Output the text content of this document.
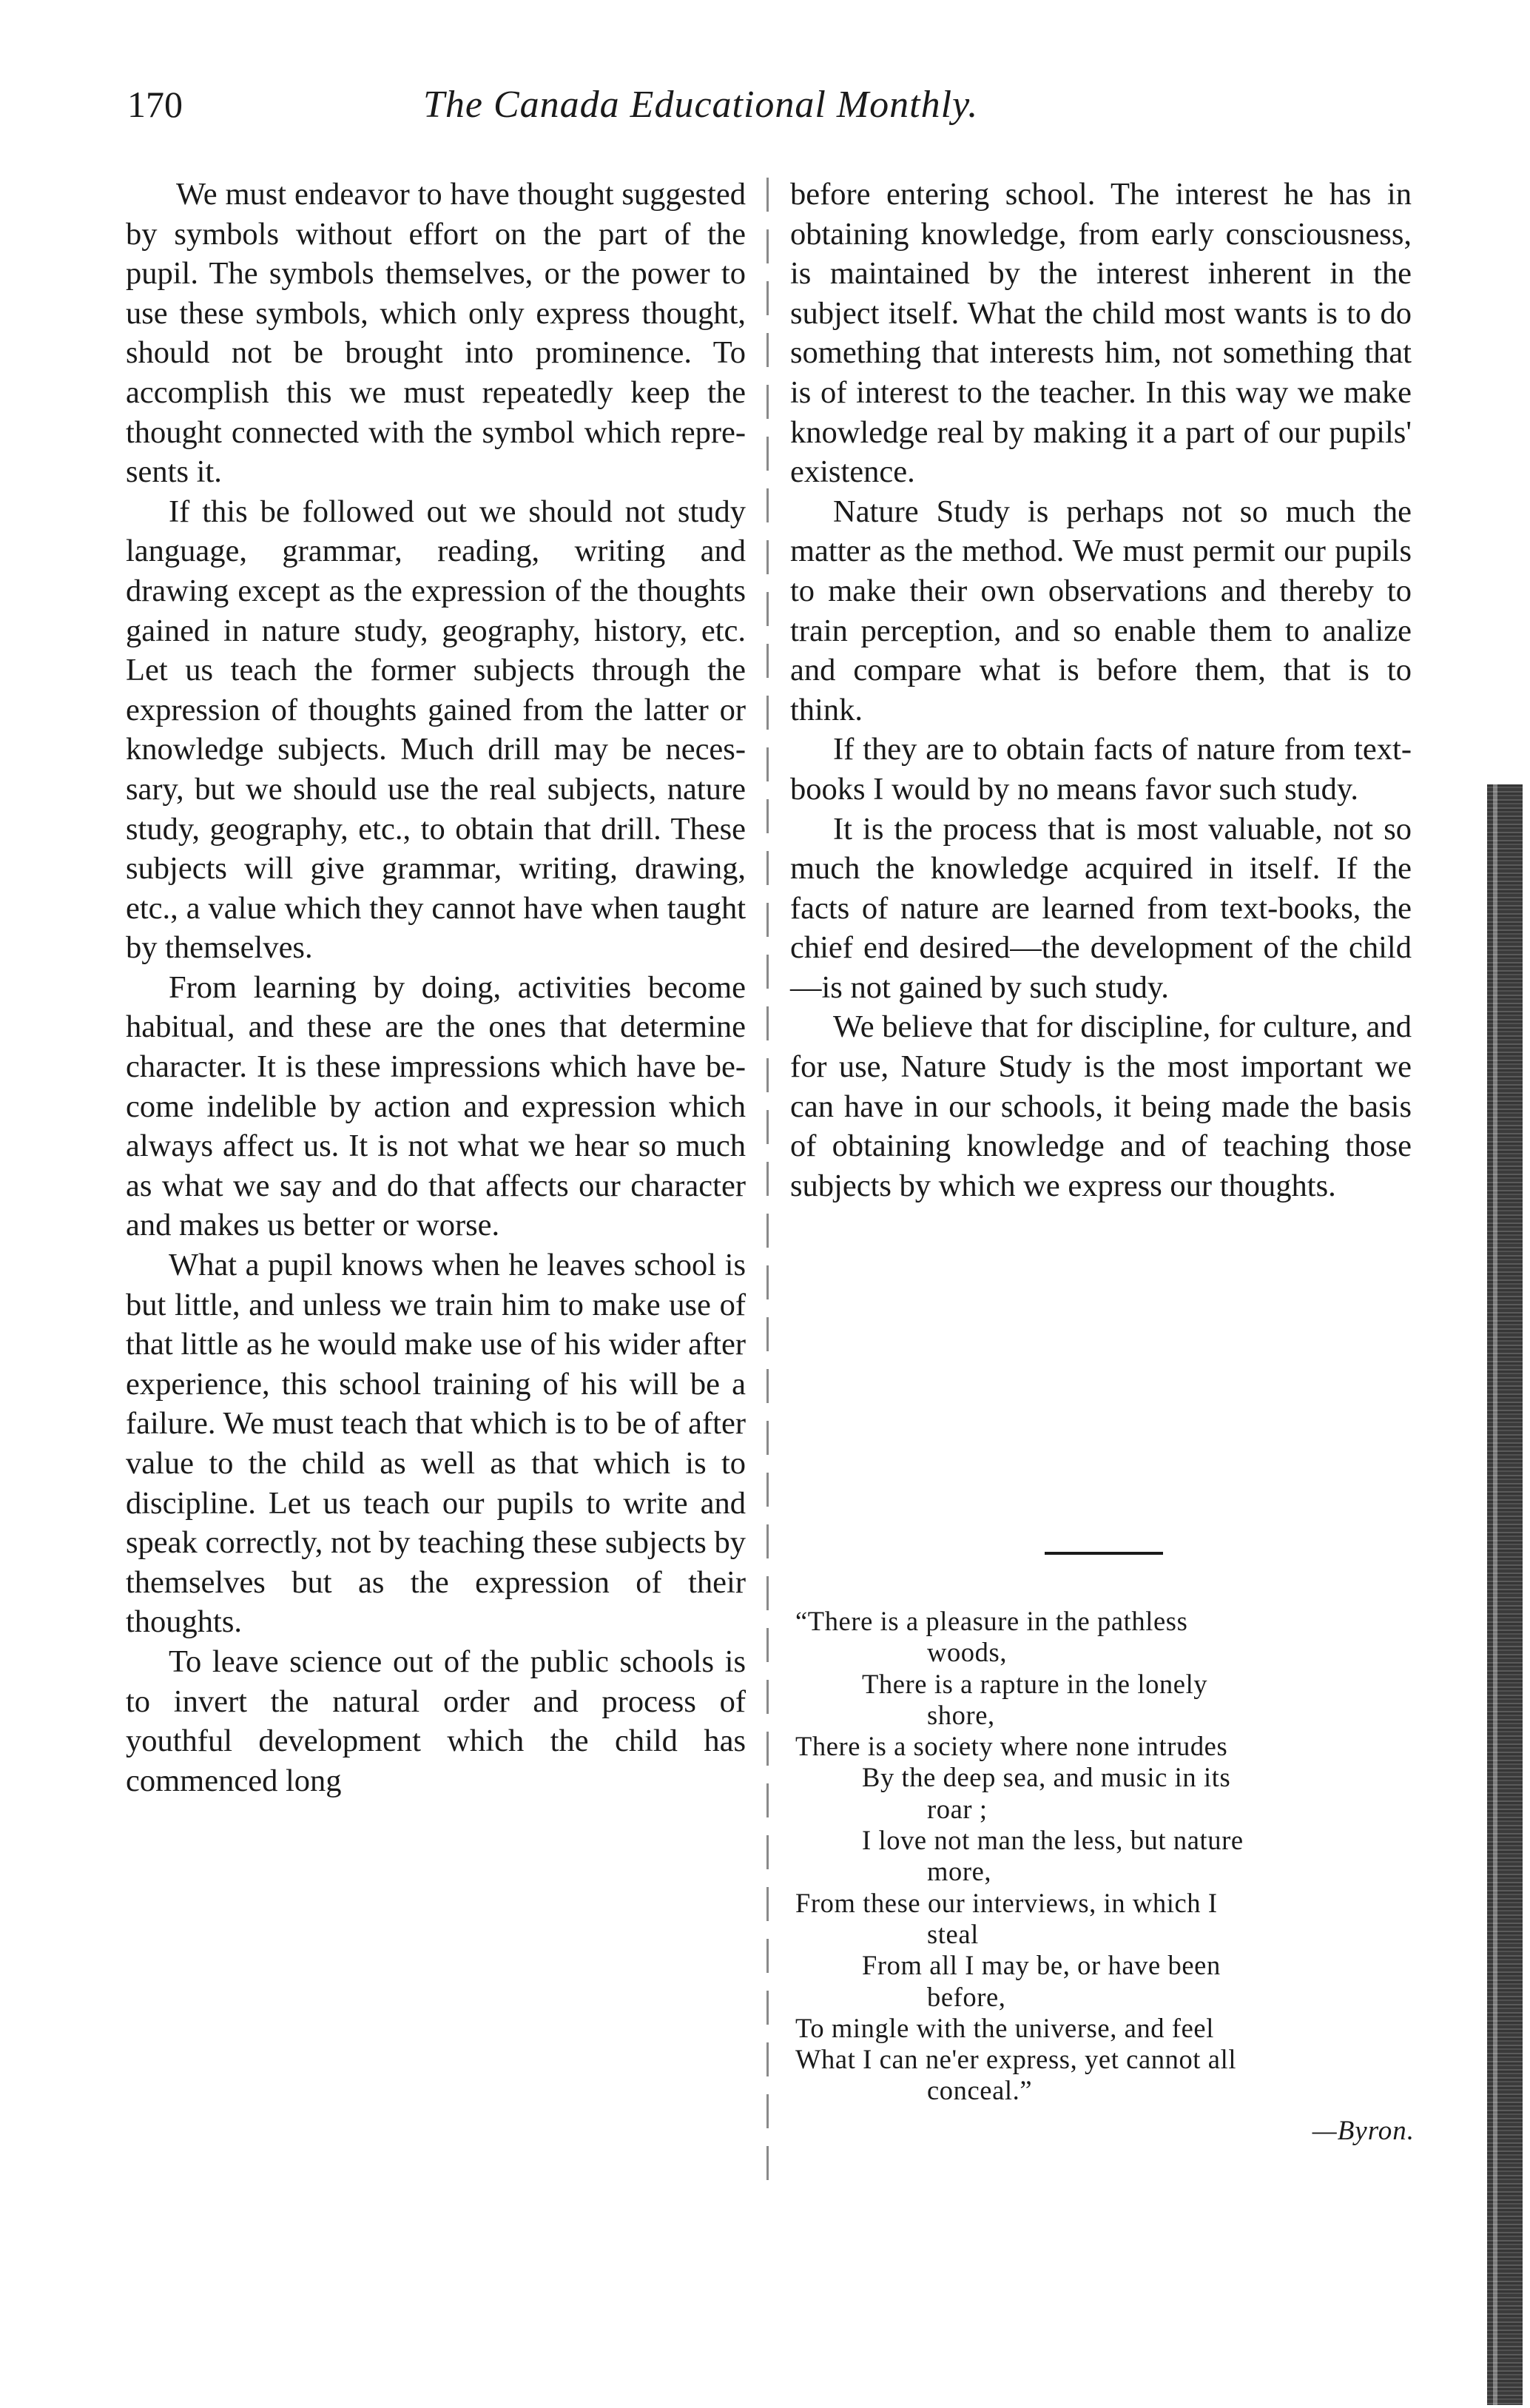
170	The Canada Educational Monthly.

We must endeavor to have thought suggested by symbols without effort on the part of the pupil. The symbols themselves, or the power to use these symbols, which only express thought, should not be brought into prominence. To accomplish this we must repeatedly keep the thought connected with the symbol which represents it.

If this be followed out we should not study language, grammar, reading, writing and drawing except as the expression of the thoughts gained in nature study, geography, history, etc. Let us teach the former subjects through the expression of thoughts gained from the latter or knowledge subjects. Much drill may be necessary, but we should use the real subjects, nature study, geography, etc., to obtain that drill. These subjects will give grammar, writing, drawing, etc., a value which they cannot have when taught by themselves.

From learning by doing, activities become habitual, and these are the ones that determine character. It is these impressions which have become indelible by action and expression which always affect us. It is not what we hear so much as what we say and do that affects our character and makes us better or worse.

What a pupil knows when he leaves school is but little, and unless we train him to make use of that little as he would make use of his wider after experience, this school training of his will be a failure. We must teach that which is to be of after value to the child as well as that which is to discipline. Let us teach our pupils to write and speak correctly, not by teaching these subjects by themselves but as the expression of their thoughts.

To leave science out of the public schools is to invert the natural order and process of youthful development which the child has commenced long

before entering school. The interest he has in obtaining knowledge, from early consciousness, is maintained by the interest inherent in the subject itself. What the child most wants is to do something that interests him, not something that is of interest to the teacher. In this way we make knowledge real by making it a part of our pupils' existence.

Nature Study is perhaps not so much the matter as the method. We must permit our pupils to make their own observations and thereby to train perception, and so enable them to analize and compare what is before them, that is to think.

If they are to obtain facts of nature from text-books I would by no means favor such study.

It is the process that is most valuable, not so much the knowledge acquired in itself. If the facts of nature are learned from text-books, the chief end desired—the development of the child—is not gained by such study.

We believe that for discipline, for culture, and for use, Nature Study is the most important we can have in our schools, it being made the basis of obtaining knowledge and of teaching those subjects by which we express our thoughts.

“There is a pleasure in the pathless
woods,
There is a rapture in the lonely
shore,
There is a society where none intrudes
By the deep sea, and music in its
roar ;
I love not man the less, but nature
more,
From these our interviews, in which I
steal
From all I may be, or have been
before,
To mingle with the universe, and feel
What I can ne'er express, yet cannot all
conceal.”
—Byron.
